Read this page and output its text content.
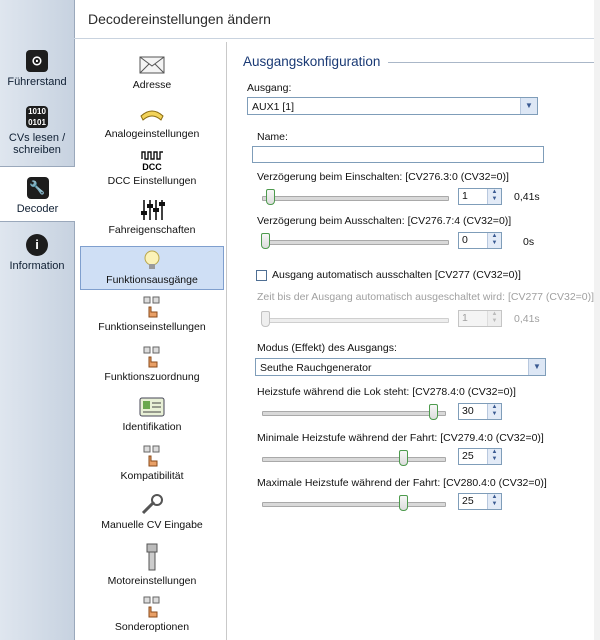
⊙
Führerstand
1010
0101
CVs lesen / schreiben
🔧
Decoder
i
Information
Decodereinstellungen ändern
Adresse
Analogeinstellungen
DCC
DCC Einstellungen
Fahreigenschaften
Funktionsausgänge
Funktionseinstellungen
Funktionszuordnung
Identifikation
Kompatibilität
Manuelle CV Eingabe
Motoreinstellungen
Sonderoptionen
Ausgangskonfiguration
Ausgang:
AUX1 [1]	▼
Name:
Verzögerung beim Einschalten: [CV276.3:0 (CV32=0)]
1	▲
▼	0,41s
Verzögerung beim Ausschalten: [CV276.7:4 (CV32=0)]
0	▲
▼	0s
Ausgang automatisch ausschalten [CV277 (CV32=0)]
Zeit bis der Ausgang automatisch ausgeschaltet wird: [CV277 (CV32=0)]
1	▲
▼	0,41s
Modus (Effekt) des Ausgangs:
Seuthe Rauchgenerator	▼
Heizstufe während die Lok steht: [CV278.4:0 (CV32=0)]
30	▲
▼
Minimale Heizstufe während der Fahrt: [CV279.4:0 (CV32=0)]
25	▲
▼
Maximale Heizstufe während der Fahrt: [CV280.4:0 (CV32=0)]
25	▲
▼
